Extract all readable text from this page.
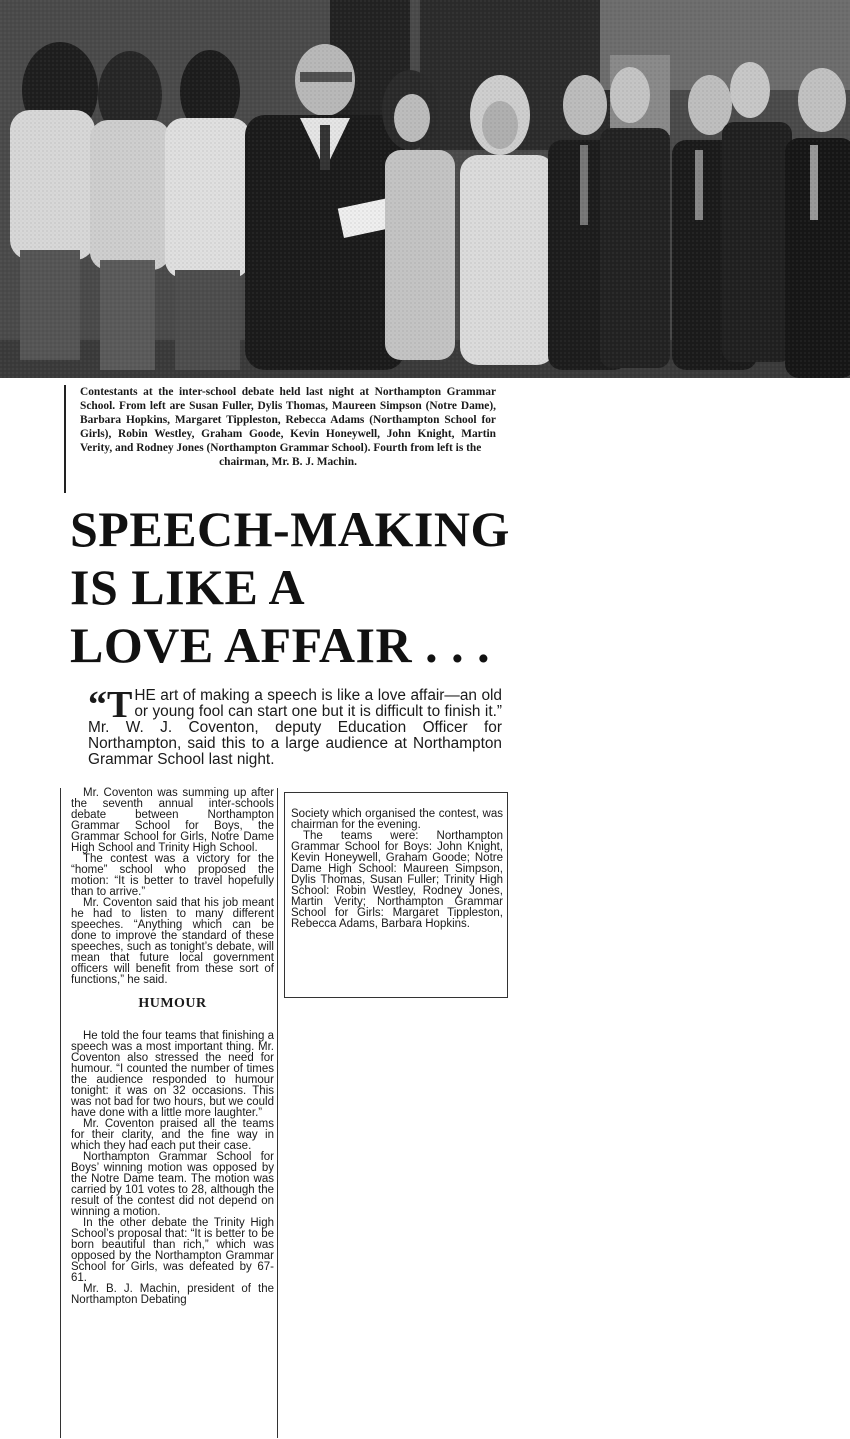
Contestants at the inter-school debate held last night at Northampton Grammar School. From left are Susan Fuller, Dylis Thomas, Maureen Simpson (Notre Dame), Barbara Hopkins, Margaret Tippleston, Rebecca Adams (Northampton School for Girls), Robin Westley, Graham Goode, Kevin Honeywell, John Knight, Martin Verity, and Rodney Jones (Northampton Grammar School). Fourth from left is the
chairman, Mr. B. J. Machin.
SPEECH-MAKING
IS LIKE A
LOVE AFFAIR . . .

“T HE art of making a speech is like a love affair—an old or young fool can start one but it is difficult to finish it.” Mr. W. J. Coventon, deputy Education Officer for Northampton, said this to a large audience at Northampton Grammar School last night.

Mr. Coventon was summing up after the seventh annual inter-schools debate between Northampton Grammar School for Boys, the Grammar School for Girls, Notre Dame High School and Trinity High School.

The contest was a victory for the “home” school who proposed the motion: “It is better to travel hopefully than to arrive.”

Mr. Coventon said that his job meant he had to listen to many different speeches. “Anything which can be done to improve the standard of these speeches, such as tonight’s debate, will mean that future local government officers will benefit from these sort of functions,” he said.

HUMOUR

He told the four teams that finishing a speech was a most important thing. Mr. Coventon also stressed the need for humour. “I counted the number of times the audience responded to humour tonight: it was on 32 occasions. This was not bad for two hours, but we could have done with a little more laughter.”

Mr. Coventon praised all the teams for their clarity, and the fine way in which they had each put their case.

Northampton Grammar School for Boys’ winning motion was opposed by the Notre Dame team. The motion was carried by 101 votes to 28, although the result of the contest did not depend on winning a motion.

In the other debate the Trinity High School’s proposal that: “It is better to be born beautiful than rich,” which was opposed by the Northampton Grammar School for Girls, was defeated by 67-61.

Mr. B. J. Machin, president of the Northampton Debating

Society which organised the contest, was chairman for the evening.

The teams were: Northampton Grammar School for Boys: John Knight, Kevin Honeywell, Graham Goode; Notre Dame High School: Maureen Simpson, Dylis Thomas, Susan Fuller; Trinity High School: Robin Westley, Rodney Jones, Martin Verity; Northampton Grammar School for Girls: Margaret Tippleston, Rebecca Adams, Barbara Hopkins.
